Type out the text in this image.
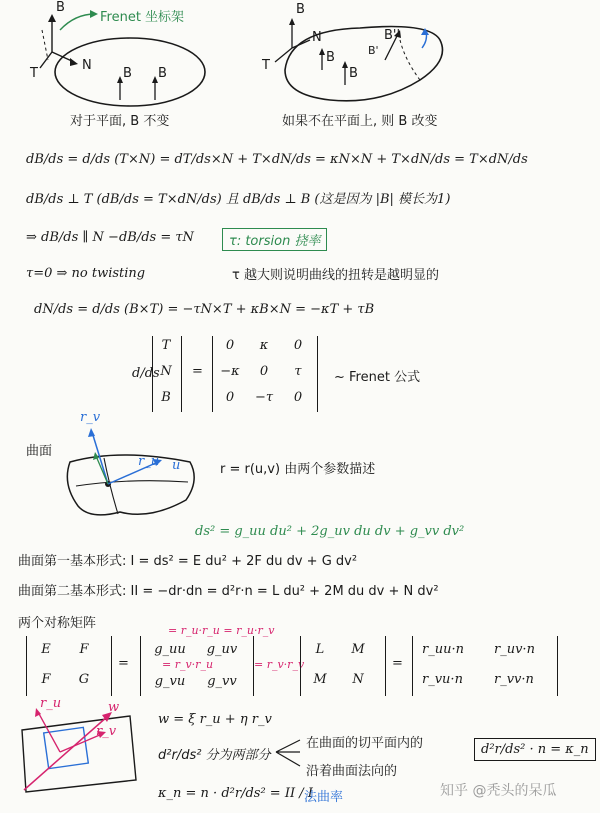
B
Frenet 坐标架
T
N
B B
对于平面, B 不变
B
T
N
B
B
B''
B'
如果不在平面上, 则 B 改变
dB/ds = d/ds (T×N) = dT/ds×N + T×dN/ds = κN×N + T×dN/ds = T×dN/ds
dB/ds ⊥ T (dB/ds = T×dN/ds) 且 dB/ds ⊥ B (这是因为 |B| 模长为1)
⇒ dB/ds ∥ N −dB/ds = τN	τ: torsion 挠率
τ=0 ⇒ no twisting	τ 越大则说明曲线的扭转是越明显的
dN/ds = d/ds (B×T) = −τN×T + κB×N = −κT + τB
d/ds
T
N
B
=
0	κ	0
−κ	0	τ
0	−τ	0
~ Frenet 公式
曲面
r_v
r_u u	r = r(u,v) 由两个参数描述
ds² = g_uu du² + 2g_uv du dv + g_vv dv²
曲面第一基本形式: I = ds² = E du² + 2F du dv + G dv²
曲面第二基本形式: II = −dr·dn = d²r·n = L du² + 2M du dv + N dv²
两个对称矩阵
E	F
F	G
=
= r_u·r_u = r_u·r_v
g_uu	g_uv
= r_v·r_u
g_vu	g_vv
= r_v·r_v
L	M
M	N
=
r_uu·n r_uv·n
r_vu·n r_vv·n
r_u	w
r_v
w = ξ r_u + η r_v
d²r/ds² 分为两部分
在曲面的切平面内的
沿着曲面法向的
d²r/ds² · n = κ_n
κ_n = n · d²r/ds² = II / I
法曲率	知乎 @秃头的呆瓜
